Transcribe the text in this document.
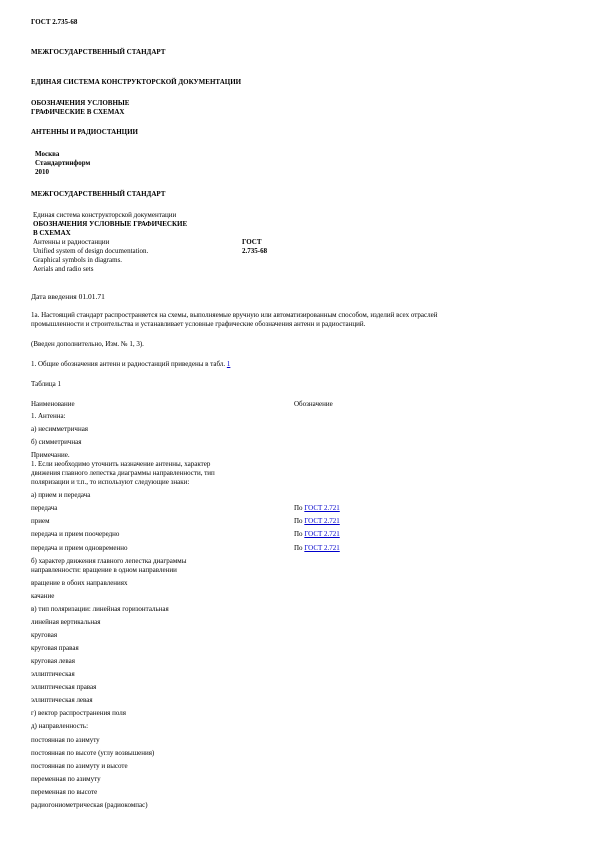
ГОСТ 2.735-68
МЕЖГОСУДАРСТВЕННЫЙ СТАНДАРТ
ЕДИНАЯ СИСТЕМА КОНСТРУКТОРСКОЙ ДОКУМЕНТАЦИИ
ОБОЗНАЧЕНИЯ УСЛОВНЫЕ
ГРАФИЧЕСКИЕ В СХЕМАХ
АНТЕННЫ И РАДИОСТАНЦИИ
Москва
Стандартинформ
2010
МЕЖГОСУДАРСТВЕННЫЙ СТАНДАРТ
Единая система конструкторской документации
ОБОЗНАЧЕНИЯ УСЛОВНЫЕ ГРАФИЧЕСКИЕ
В СХЕМАХ
Антенны и радиостанции
Unified system of design documentation.
Graphical symbols in diagrams.
Aerials and radio sets
ГОСТ
2.735-68
Дата введения 01.01.71
1а. Настоящий стандарт распространяется на схемы, выполняемые вручную или автоматизированным способом, изделий всех отраслей
промышленности и строительства и устанавливает условные графические обозначения антенн и радиостанций.
(Введен дополнительно, Изм. № 1, 3).
1. Общие обозначения антенн и радиостанций приведены в табл. 1
Таблица 1
Наименование	Обозначение
1. Антенна:
а) несимметричная
б) симметричная
Примечание.
1. Если необходимо уточнить назначение антенны, характер
движения главного лепестка диаграммы направленности, тип
поляризации и т.п., то используют следующие знаки:
а) прием и передача
передача	По ГОСТ 2.721
прием	По ГОСТ 2.721
передача и прием поочередно	По ГОСТ 2.721
передача и прием одновременно	По ГОСТ 2.721
б) характер движения главного лепестка диаграммы
направленности: вращение в одном направлении
вращение в обоих направлениях
качание
в) тип поляризации: линейная горизонтальная
линейная вертикальная
круговая
круговая правая
круговая левая
эллиптическая
эллиптическая правая
эллиптическая левая
г) вектор распространения поля
д) направленность:
постоянная по азимуту
постоянная по высоте (углу возвышения)
постоянная по азимуту и высоте
переменная по азимуту
переменная по высоте
радиогониометрическая (радиокомпас)
